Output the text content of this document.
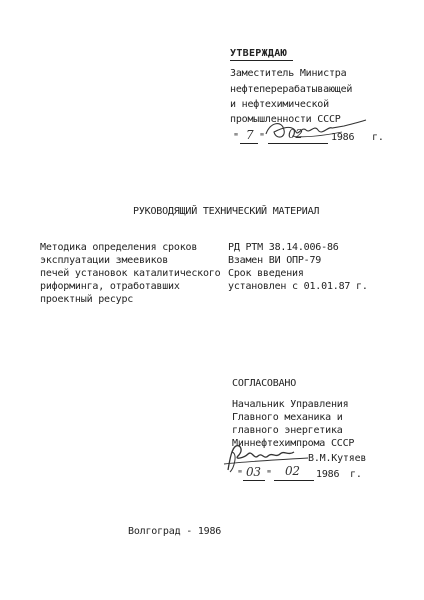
УТВЕРЖДАЮ
Заместитель Министра
нефтеперерабатывающей
и нефтехимической
промышленности СССР
" 7 " 02	1986 г.
РУКОВОДЯЩИЙ ТЕХНИЧЕСКИЙ МАТЕРИАЛ
Методика определения сроков
эксплуатации змеевиков
печей установок каталитического
риформинга, отработавших
проектный ресурс
РД РТМ 38.14.006-86
Взамен ВИ ОПР-79
Срок введения
установлен с 01.01.87 г.
СОГЛАСОВАНО
Начальник Управления
Главного механика и
главного энергетика
Миннефтехимпрома СССР
В.М.Кутяев
" 03 " 02 1986 г.
Волгоград - 1986
